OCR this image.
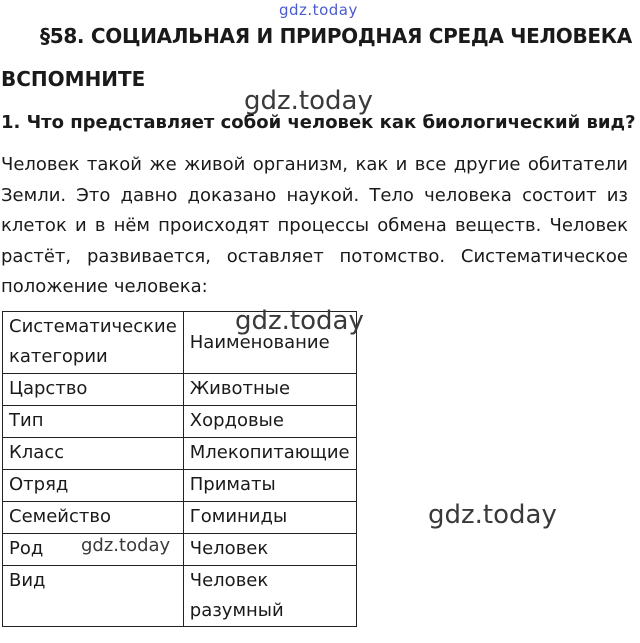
gdz.today
§58. СОЦИАЛЬНАЯ И ПРИРОДНАЯ СРЕДА ЧЕЛОВЕКА
ВСПОМНИТЕ
gdz.today
1. Что представляет собой человек как биологический вид?
Человек такой же живой организм, как и все другие обитатели Земли. Это давно доказано наукой. Тело человека состоит из клеток и в нём происходят процессы обмена веществ. Человек растёт, развивается, оставляет потомство. Систематическое положение человека:
Систематические категории	Наименование
Царство	Животные
Тип	Хордовые
Класс	Млекопитающие
Отряд	Приматы
Семейство	Гоминиды
Род	Человек
Вид	Человек разумный
gdz.today
gdz.today
gdz.today
